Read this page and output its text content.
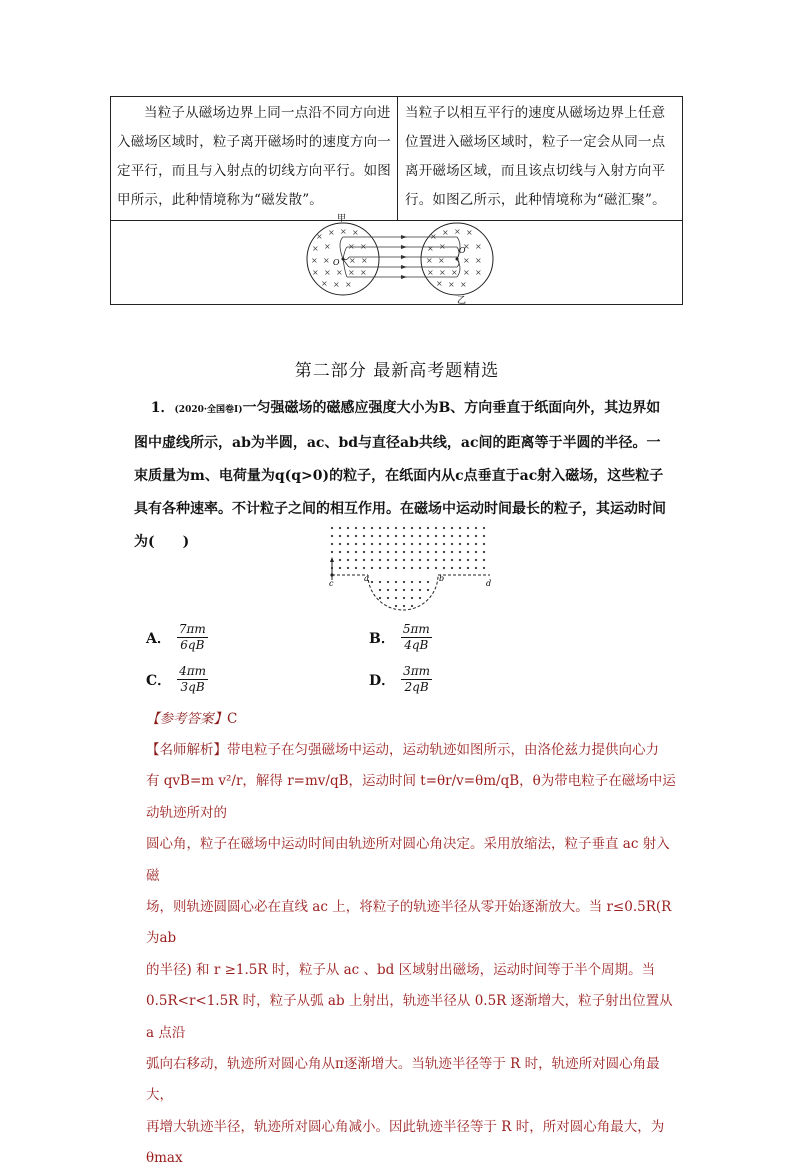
当粒子从磁场边界上同一点沿不同方向进入磁场区域时，粒子离开磁场时的速度方向一定平行，而且与入射点的切线方向平行。如图甲所示，此种情境称为“磁发散”。
当粒子以相互平行的速度从磁场边界上任意位置进入磁场区域时，粒子一定会从同一点离开磁场区域，而且该点切线与入射方向平行。如图乙所示，此种情境称为“磁汇聚”。
× × × ×
× × × ×
× × × ×
× × × × ×
× × ×
× × × ×
× × × ×
× × × ×
× × × × ×
× × ×
O
O
甲
乙
第二部分 最新高考题精选
1．(2020·全国卷Ⅰ)一匀强磁场的磁感应强度大小为B、方向垂直于纸面向外，其边界如图中虚线所示，ab为半圆，ac、bd与直径ab共线，ac间的距离等于半圆的半径。一束质量为m、电荷量为q(q>0)的粒子，在纸面内从c点垂直于ac射入磁场，这些粒子具有各种速率。不计粒子之间的相互作用。在磁场中运动时间最长的粒子，其运动时间为(　　)
c
a	b
d
A． $\frac{7\pi m}{6qB}$	B． $\frac{5\pi m}{4qB}$
C． $\frac{4\pi m}{3qB}$	D． $\frac{3\pi m}{2qB}$
【参考答案】C
【名师解析】带电粒子在匀强磁场中运动，运动轨迹如图所示，由洛伦兹力提供向心力
有 qvB=m v²/r，解得 r=mv/qB，运动时间 t=θr/v=θm/qB，θ为带电粒子在磁场中运动轨迹所对的
圆心角，粒子在磁场中运动时间由轨迹所对圆心角决定。采用放缩法，粒子垂直 ac 射入磁
场，则轨迹圆圆心必在直线 ac 上，将粒子的轨迹半径从零开始逐渐放大。当 r≤0.5R(R 为ab
的半径) 和 r ≥1.5R 时，粒子从 ac 、bd 区域射出磁场，运动时间等于半个周期。当
0.5R<r<1.5R 时，粒子从弧 ab 上射出，轨迹半径从 0.5R 逐渐增大，粒子射出位置从 a 点沿
弧向右移动，轨迹所对圆心角从π逐渐增大。当轨迹半径等于 R 时，轨迹所对圆心角最大，
再增大轨迹半径，轨迹所对圆心角减小。因此轨迹半径等于 R 时，所对圆心角最大，为 θmax
